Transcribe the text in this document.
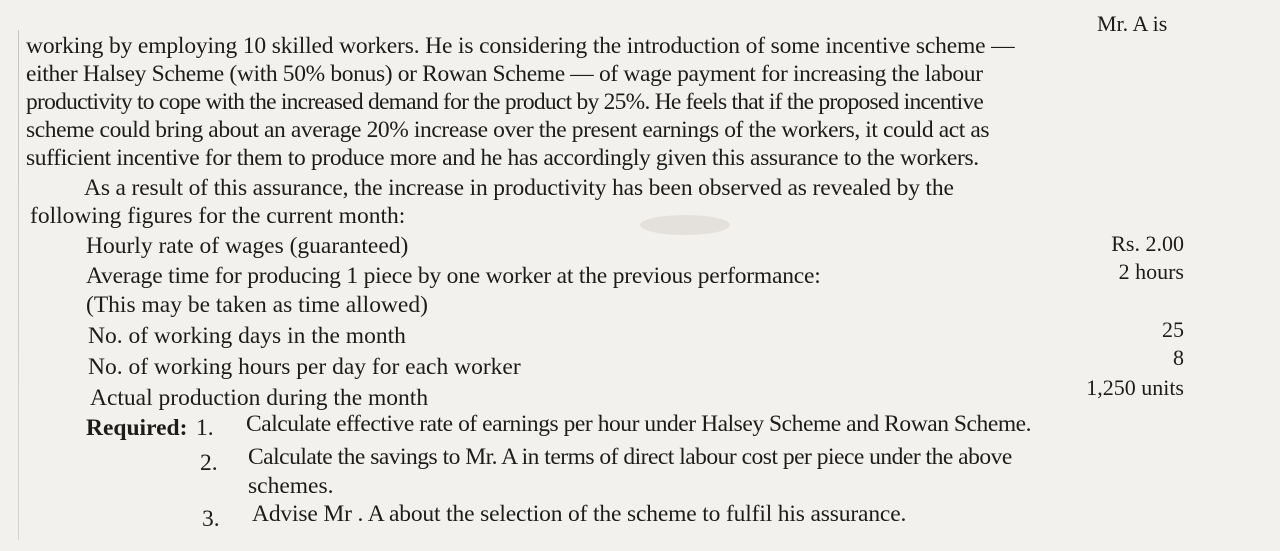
Mr. A is
working by employing 10 skilled workers. He is considering the introduction of some incentive scheme —
either Halsey Scheme (with 50% bonus) or Rowan Scheme — of wage payment for increasing the labour
productivity to cope with the increased demand for the product by 25%. He feels that if the proposed incentive
scheme could bring about an average 20% increase over the present earnings of the workers, it could act as
sufficient incentive for them to produce more and he has accordingly given this assurance to the workers.
As a result of this assurance, the increase in productivity has been observed as revealed by the
following figures for the current month:
Hourly rate of wages (guaranteed)	Rs. 2.00
Average time for producing 1 piece by one worker at the previous performance:	2 hours
(This may be taken as time allowed)
No. of working days in the month	25
No. of working hours per day for each worker	8
Actual production during the month	1,250 units
Required: 1. Calculate effective rate of earnings per hour under Halsey Scheme and Rowan Scheme.
2. Calculate the savings to Mr. A in terms of direct labour cost per piece under the above
schemes.
3. Advise Mr . A about the selection of the scheme to fulfil his assurance.
